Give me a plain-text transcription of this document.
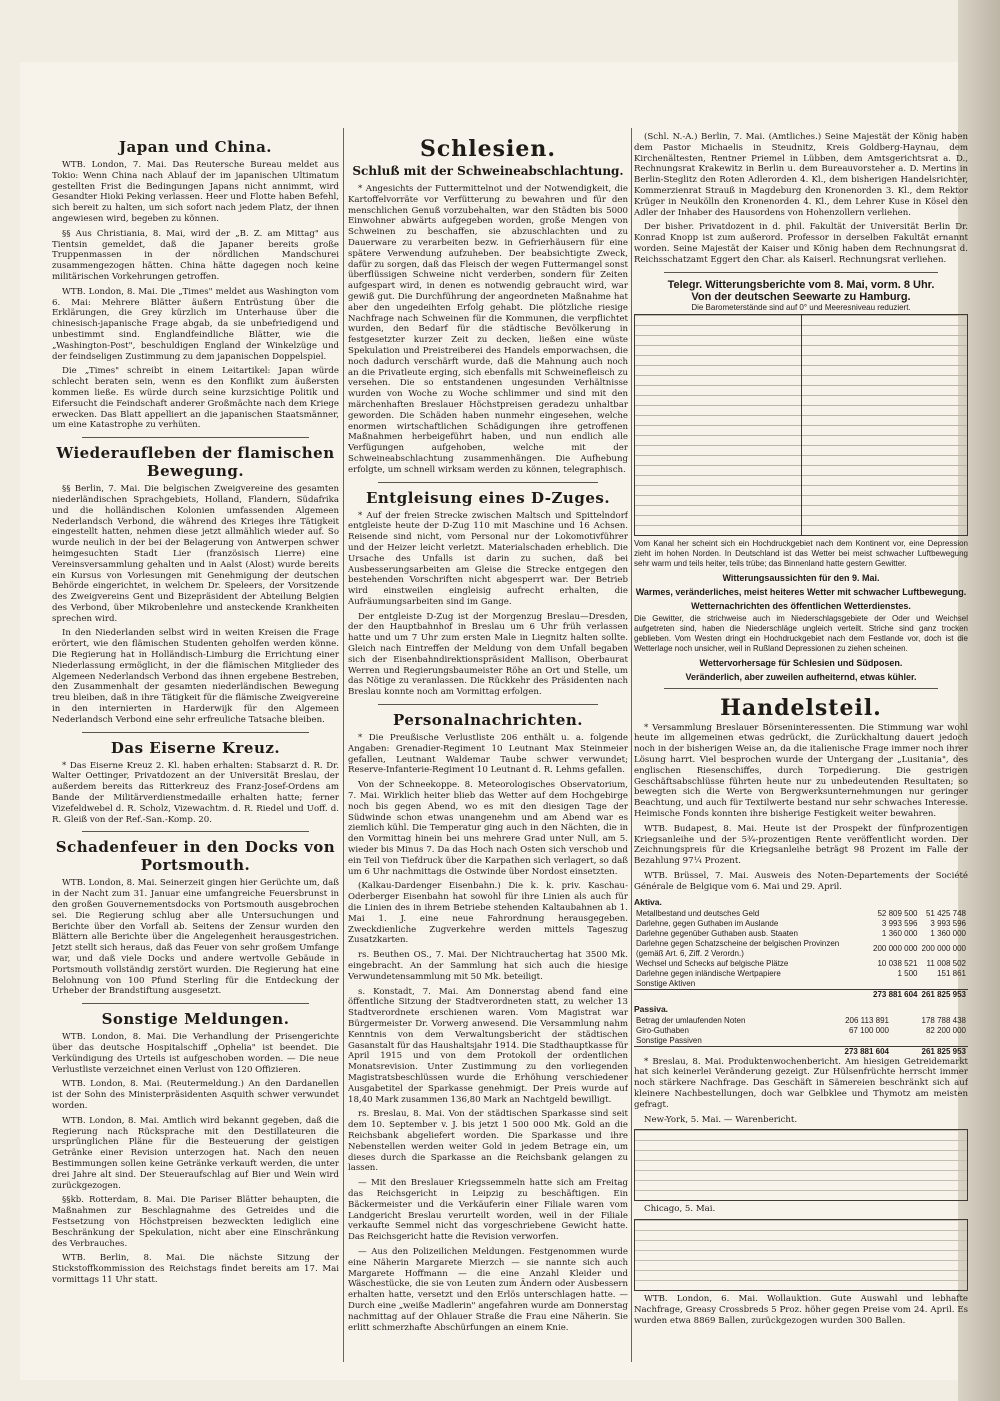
Japan und China.

WTB. London, 7. Mai. Das Reutersche Bureau meldet aus Tokio: Wenn China nach Ablauf der im japanischen Ultimatum gestellten Frist die Bedingungen Japans nicht annimmt, wird Gesandter Hioki Peking verlassen. Heer und Flotte haben Befehl, sich bereit zu halten, um sich sofort nach jedem Platz, der ihnen angewiesen wird, begeben zu können.

§§ Aus Christiania, 8. Mai, wird der „B. Z. am Mittag" aus Tientsin gemeldet, daß die Japaner bereits große Truppenmassen in der nördlichen Mandschurei zusammengezogen hätten. China hätte dagegen noch keine militärischen Vorkehrungen getroffen.

WTB. London, 8. Mai. Die „Times" meldet aus Washington vom 6. Mai: Mehrere Blätter äußern Entrüstung über die Erklärungen, die Grey kürzlich im Unterhause über die chinesisch-japanische Frage abgab, da sie unbefriedigend und unbestimmt sind. Englandfeindliche Blätter, wie die „Washington-Post", beschuldigen England der Winkelzüge und der feindseligen Zustimmung zu dem japanischen Doppelspiel.

Die „Times" schreibt in einem Leitartikel: Japan würde schlecht beraten sein, wenn es den Konflikt zum äußersten kommen ließe. Es würde durch seine kurzsichtige Politik und Eifersucht die Feindschaft anderer Großmächte nach dem Kriege erwecken. Das Blatt appelliert an die japanischen Staatsmänner, um eine Katastrophe zu verhüten.

Wiederaufleben der flamischen Bewegung.

§§ Berlin, 7. Mai. Die belgischen Zweigvereine des gesamten niederländischen Sprachgebiets, Holland, Flandern, Südafrika und die holländischen Kolonien umfassenden Algemeen Nederlandsch Verbond, die während des Krieges ihre Tätigkeit eingestellt hatten, nehmen diese jetzt allmählich wieder auf. So wurde neulich in der bei der Belagerung von Antwerpen schwer heimgesuchten Stadt Lier (französisch Lierre) eine Vereinsversammlung gehalten und in Aalst (Alost) wurde bereits ein Kursus von Vorlesungen mit Genehmigung der deutschen Behörde eingerichtet, in welchem Dr. Speleers, der Vorsitzende des Zweigvereins Gent und Bizepräsident der Abteilung Belgien des Verbond, über Mikrobenlehre und ansteckende Krankheiten sprechen wird.

In den Niederlanden selbst wird in weiten Kreisen die Frage erörtert, wie den flämischen Studenten geholfen werden könne. Die Regierung hat in Holländisch-Limburg die Errichtung einer Niederlassung ermöglicht, in der die flämischen Mitglieder des Algemeen Nederlandsch Verbond das ihnen ergebene Bestreben, den Zusammenhalt der gesamten niederländischen Bewegung treu bleiben, daß in ihre Tätigkeit für die flämische Zweigvereine in den internierten in Harderwijk für den Algemeen Nederlandsch Verbond eine sehr erfreuliche Tatsache bleiben.

Das Eiserne Kreuz.

* Das Eiserne Kreuz 2. Kl. haben erhalten: Stabsarzt d. R. Dr. Walter Oettinger, Privatdozent an der Universität Breslau, der außerdem bereits das Ritterkreuz des Franz-Josef-Ordens am Bande der Militärverdienstmedaille erhalten hatte; ferner Vizefeldwebel d. R. Scholz, Vizewachtm. d. R. Riedel und Uoff. d. R. Gleiß von der Ref.-San.-Komp. 20.

Schadenfeuer in den Docks von Portsmouth.

WTB. London, 8. Mai. Seinerzeit gingen hier Gerüchte um, daß in der Nacht zum 31. Januar eine umfangreiche Feuersbrunst in den großen Gouvernementsdocks von Portsmouth ausgebrochen sei. Die Regierung schlug aber alle Untersuchungen und Berichte über den Vorfall ab. Seitens der Zensur wurden den Blättern alle Berichte über die Angelegenheit herausgestrichen. Jetzt stellt sich heraus, daß das Feuer von sehr großem Umfange war, und daß viele Docks und andere wertvolle Gebäude in Portsmouth vollständig zerstört wurden. Die Regierung hat eine Belohnung von 100 Pfund Sterling für die Entdeckung der Urheber der Brandstiftung ausgesetzt.

Sonstige Meldungen.

WTB. London, 8. Mai. Die Verhandlung der Prisengerichte über das deutsche Hospitalschiff „Ophelia" ist beendet. Die Verkündigung des Urteils ist aufgeschoben worden. — Die neue Verlustliste verzeichnet einen Verlust von 120 Offizieren.

WTB. London, 8. Mai. (Reutermeldung.) An den Dardanellen ist der Sohn des Ministerpräsidenten Asquith schwer verwundet worden.

WTB. London, 8. Mai. Amtlich wird bekannt gegeben, daß die Regierung nach Rücksprache mit den Destillateuren die ursprünglichen Pläne für die Besteuerung der geistigen Getränke einer Revision unterzogen hat. Nach den neuen Bestimmungen sollen keine Getränke verkauft werden, die unter drei Jahre alt sind. Der Steueraufschlag auf Bier und Wein wird zurückgezogen.

§§kb. Rotterdam, 8. Mai. Die Pariser Blätter behaupten, die Maßnahmen zur Beschlagnahme des Getreides und die Festsetzung von Höchstpreisen bezweckten lediglich eine Beschränkung der Spekulation, nicht aber eine Einschränkung des Verbrauches.

WTB. Berlin, 8. Mai. Die nächste Sitzung der Stickstoffkommission des Reichstags findet bereits am 17. Mai vormittags 11 Uhr statt.

Schlesien.
Schluß mit der Schweineabschlachtung.

* Angesichts der Futtermittelnot und der Notwendigkeit, die Kartoffelvorräte vor Verfütterung zu bewahren und für den menschlichen Genuß vorzubehalten, war den Städten bis 5000 Einwohner abwärts aufgegeben worden, große Mengen von Schweinen zu beschaffen, sie abzuschlachten und zu Dauerware zu verarbeiten bezw. in Gefrierhäusern für eine spätere Verwendung aufzuheben. Der beabsichtigte Zweck, dafür zu sorgen, daß das Fleisch der wegen Futtermangel sonst überflüssigen Schweine nicht verderben, sondern für Zeiten aufgespart wird, in denen es notwendig gebraucht wird, war gewiß gut. Die Durchführung der angeordneten Maßnahme hat aber den ungedeihten Erfolg gehabt. Die plötzliche riesige Nachfrage nach Schweinen für die Kommunen, die verpflichtet wurden, den Bedarf für die städtische Bevölkerung in festgesetzter kurzer Zeit zu decken, ließen eine wüste Spekulation und Preistreiberei des Handels emporwachsen, die noch dadurch verschärft wurde, daß die Mahnung auch noch an die Privatleute erging, sich ebenfalls mit Schweinefleisch zu versehen. Die so entstandenen ungesunden Verhältnisse wurden von Woche zu Woche schlimmer und sind mit den märchenhaften Breslauer Höchstpreisen geradezu unhaltbar geworden. Die Schäden haben nunmehr eingesehen, welche enormen wirtschaftlichen Schädigungen ihre getroffenen Maßnahmen herbeigeführt haben, und nun endlich alle Verfügungen aufgehoben, welche mit der Schweineabschlachtung zusammenhängen. Die Aufhebung erfolgte, um schnell wirksam werden zu können, telegraphisch.

Entgleisung eines D-Zuges.

* Auf der freien Strecke zwischen Maltsch und Spittelndorf entgleiste heute der D-Zug 110 mit Maschine und 16 Achsen. Reisende sind nicht, vom Personal nur der Lokomotivführer und der Heizer leicht verletzt. Materialschaden erheblich. Die Ursache des Unfalls ist darin zu suchen, daß bei Ausbesserungsarbeiten am Gleise die Strecke entgegen den bestehenden Vorschriften nicht abgesperrt war. Der Betrieb wird einstweilen eingleisig aufrecht erhalten, die Aufräumungsarbeiten sind im Gange.

Der entgleiste D-Zug ist der Morgenzug Breslau—Dresden, der den Hauptbahnhof in Breslau um 6 Uhr früh verlassen hatte und um 7 Uhr zum ersten Male in Liegnitz halten sollte. Gleich nach Eintreffen der Meldung von dem Unfall begaben sich der Eisenbahndirektionspräsident Mallison, Oberbaurat Werren und Regierungsbaumeister Röhe an Ort und Stelle, um das Nötige zu veranlassen. Die Rückkehr des Präsidenten nach Breslau konnte noch am Vormittag erfolgen.

Personalnachrichten.

* Die Preußische Verlustliste 206 enthält u. a. folgende Angaben: Grenadier-Regiment 10 Leutnant Max Steinmeier gefallen, Leutnant Waldemar Taube schwer verwundet; Reserve-Infanterie-Regiment 10 Leutnant d. R. Lehms gefallen.

Von der Schneekoppe. 8. Meteorologisches Observatorium, 7. Mai. Wirklich heiter blieb das Wetter auf dem Hochgebirge noch bis gegen Abend, wo es mit den diesigen Tage der Südwinde schon etwas unangenehm und am Abend war es ziemlich kühl. Die Temperatur ging auch in den Nächten, die in den Vormittag hinein bei uns mehrere Grad unter Null, am 5. wieder bis Minus 7. Da das Hoch nach Osten sich verschob und ein Teil von Tiefdruck über die Karpathen sich verlagert, so daß um 6 Uhr nachmittags die Ostwinde über Nordost einsetzten.

(Kalkau-Dardenger Eisenbahn.) Die k. k. priv. Kaschau-Oderberger Eisenbahn hat sowohl für ihre Linien als auch für die Linien des in ihrem Betriebe stehenden Kaltaubahnen ab 1. Mai 1. J. eine neue Fahrordnung herausgegeben. Zweckdienliche Zugverkehre werden mittels Tageszug Zusatzkarten.

rs. Beuthen OS., 7. Mai. Der Nichtrauchertag hat 3500 Mk. eingebracht. An der Sammlung hat sich auch die hiesige Verwundetensammlung mit 50 Mk. beteiligt.

s. Konstadt, 7. Mai. Am Donnerstag abend fand eine öffentliche Sitzung der Stadtverordneten statt, zu welcher 13 Stadtverordnete erschienen waren. Vom Magistrat war Bürgermeister Dr. Vorwerg anwesend. Die Versammlung nahm Kenntnis von dem Verwaltungsbericht der städtischen Gasanstalt für das Haushaltsjahr 1914. Die Stadthauptkasse für April 1915 und von dem Protokoll der ordentlichen Monatsrevision. Unter Zustimmung zu den vorliegenden Magistratsbeschlüssen wurde die Erhöhung verschiedener Ausgabetitel der Sparkasse genehmigt. Der Preis wurde auf 18,40 Mark zusammen 136,80 Mark an Nachtgeld bewilligt.

rs. Breslau, 8. Mai. Von der städtischen Sparkasse sind seit dem 10. September v. J. bis jetzt 1 500 000 Mk. Gold an die Reichsbank abgeliefert worden. Die Sparkasse und ihre Nebenstellen werden weiter Gold in jedem Betrage ein, um dieses durch die Sparkasse an die Reichsbank gelangen zu lassen.

— Mit den Breslauer Kriegssemmeln hatte sich am Freitag das Reichsgericht in Leipzig zu beschäftigen. Ein Bäckermeister und die Verkäuferin einer Filiale waren vom Landgericht Breslau verurteilt worden, weil in der Filiale verkaufte Semmel nicht das vorgeschriebene Gewicht hatte. Das Reichsgericht hatte die Revision verworfen.

— Aus den Polizeilichen Meldungen. Festgenommen wurde eine Näherin Margarete Mierzch — sie nannte sich auch Margarete Hoffmann — die eine Anzahl Kleider und Wäschestücke, die sie von Leuten zum Ändern oder Ausbessern erhalten hatte, versetzt und den Erlös unterschlagen hatte. — Durch eine „weiße Madlerin" angefahren wurde am Donnerstag nachmittag auf der Ohlauer Straße die Frau eine Näherin. Sie erlitt schmerzhafte Abschürfungen an einem Knie.

(Schl. N.-A.) Berlin, 7. Mai. (Amtliches.) Seine Majestät der König haben dem Pastor Michaelis in Steudnitz, Kreis Goldberg-Haynau, dem Kirchenältesten, Rentner Priemel in Lübben, dem Amtsgerichtsrat a. D., Rechnungsrat Krakewitz in Berlin u. dem Bureauvorsteher a. D. Mertins in Berlin-Steglitz den Roten Adlerorden 4. Kl., dem bisherigen Handelsrichter, Kommerzienrat Strauß in Magdeburg den Kronenorden 3. Kl., dem Rektor Krüger in Neukölln den Kronenorden 4. Kl., dem Lehrer Kuse in Kösel den Adler der Inhaber des Hausordens von Hohenzollern verliehen.

Der bisher. Privatdozent in d. phil. Fakultät der Universität Berlin Dr. Konrad Knopp ist zum außerord. Professor in derselben Fakultät ernannt worden. Seine Majestät der Kaiser und König haben dem Rechnungsrat d. Reichsschatzamt Eggert den Char. als Kaiserl. Rechnungsrat verliehen.

Telegr. Witterungsberichte vom 8. Mai, vorm. 8 Uhr.
Von der deutschen Seewarte zu Hamburg.
Die Barometerstände sind auf 0° und Meeresniveau reduziert.
Vom Kanal her scheint sich ein Hochdruckgebiet nach dem Kontinent vor, eine Depression zieht im hohen Norden. In Deutschland ist das Wetter bei meist schwacher Luftbewegung sehr warm und teils heiter, teils trübe; das Binnenland hatte gestern Gewitter.
Witterungsaussichten für den 9. Mai.
Warmes, veränderliches, meist heiteres Wetter mit schwacher Luftbewegung.
Wetternachrichten des öffentlichen Wetterdienstes.
Die Gewitter, die strichweise auch im Niederschlagsgebiete der Oder und Weichsel aufgetreten sind, haben die Niederschläge ungleich verteilt. Striche sind ganz trocken geblieben. Vom Westen dringt ein Hochdruckgebiet nach dem Festlande vor, doch ist die Wetterlage noch unsicher, weil in Rußland Depressionen zu ziehen scheinen.
Wettervorhersage für Schlesien und Südposen.
Veränderlich, aber zuweilen aufheiternd, etwas kühler.
Handelsteil.

* Versammlung Breslauer Börseninteressenten. Die Stimmung war wohl heute im allgemeinen etwas gedrückt, die Zurückhaltung dauert jedoch noch in der bisherigen Weise an, da die italienische Frage immer noch ihrer Lösung harrt. Viel besprochen wurde der Untergang der „Lusitania", des englischen Riesenschiffes, durch Torpedierung. Die gestrigen Geschäftsabschlüsse führten heute nur zu unbedeutenden Resultaten; so bewegten sich die Werte von Bergwerksunternehmungen nur geringer Beachtung, und auch für Textilwerte bestand nur sehr schwaches Interesse. Heimische Fonds konnten ihre bisherige Festigkeit weiter bewahren.

WTB. Budapest, 8. Mai. Heute ist der Prospekt der fünfprozentigen Kriegsanleihe und der 5¾-prozentigen Rente veröffentlicht worden. Der Zeichnungspreis für die Kriegsanleihe beträgt 98 Prozent im Falle der Bezahlung 97¼ Prozent.

WTB. Brüssel, 7. Mai. Ausweis des Noten-Departements der Société Générale de Belgique vom 6. Mai und 29. April.

Aktiva.
Metallbestand und deutsches Geld	52 809 500	51 425 748
Darlehne, gegen Guthaben im Auslande	3 993 596	3 993 596
Darlehne gegenüber Guthaben ausb. Staaten	1 360 000	1 360 000
Darlehne gegen Schatzscheine der belgischen Provinzen (gemäß Art. 6, Ziff. 2 Verordn.)	200 000 000	200 000 000
Wechsel und Schecks auf belgische Plätze	10 038 521	11 008 502
Darlehne gegen inländische Wertpapiere	1 500	151 861
Sonstige Aktiven		
	273 881 604	261 825 953
Passiva.
Betrag der umlaufenden Noten	206 113 891	178 788 438
Giro-Guthaben	67 100 000	82 200 000
Sonstige Passiven		
	273 881 604	261 825 953

* Breslau, 8. Mai. Produktenwochenbericht. Am hiesigen Getreidemarkt hat sich keinerlei Veränderung gezeigt. Zur Hülsenfrüchte herrscht immer noch stärkere Nachfrage. Das Geschäft in Sämereien beschränkt sich auf kleinere Nachbestellungen, doch war Gelbklee und Thymotz am meisten gefragt.

New-York, 5. Mai. — Warenbericht.

Chicago, 5. Mai.

WTB. London, 6. Mai. Wollauktion. Gute Auswahl und lebhafte Nachfrage, Greasy Crossbreds 5 Proz. höher gegen Preise vom 24. April. Es wurden etwa 8869 Ballen, zurückgezogen wurden 300 Ballen.
